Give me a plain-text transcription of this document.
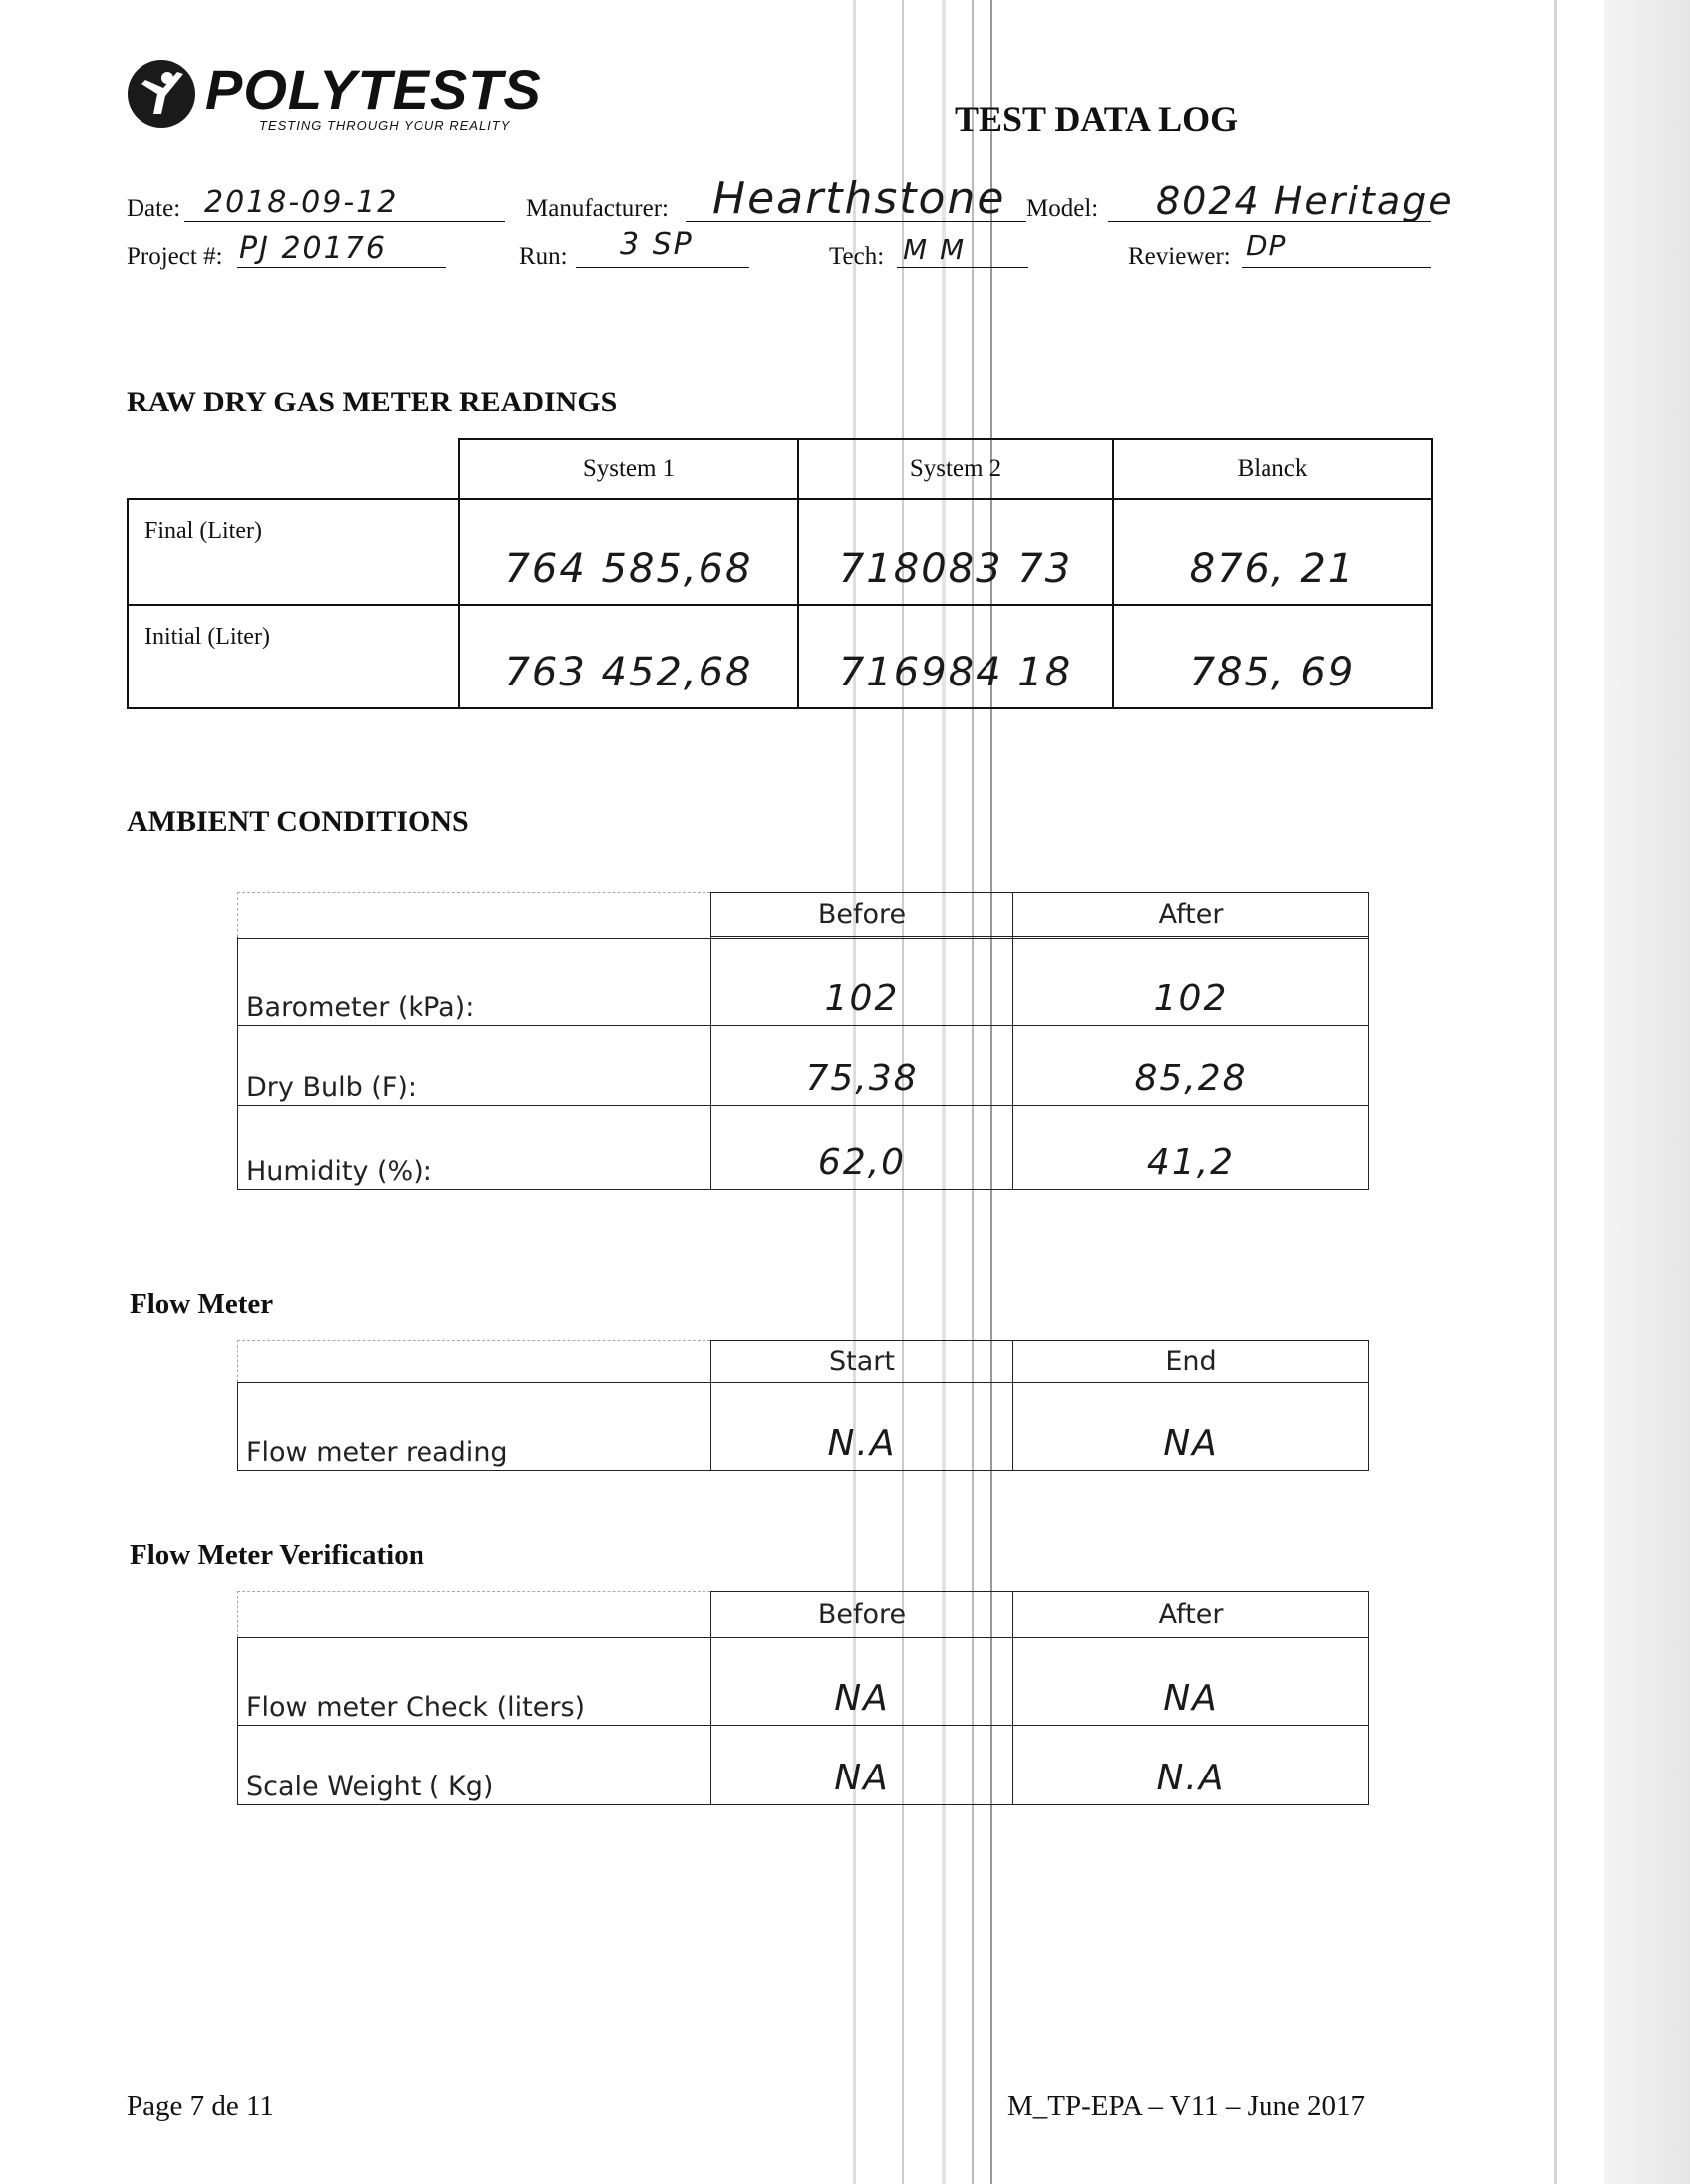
POLYTESTS
TESTING THROUGH YOUR REALITY	TEST DATA LOG
Date: 2018-09-12	Manufacturer: Hearthstone Model: 8024 Heritage
Project #: PJ 20176	Run: 3 SP	Tech: M M	Reviewer: DP
RAW DRY GAS METER READINGS
	System 1	System 2	Blanck
Final (Liter)	764 585,68	718083 73	876, 21

Initial (Liter)	763 452,68	716984 18	785, 69
AMBIENT CONDITIONS
	Before	After

Barometer (kPa):	102	102

Dry Bulb (F):	75,38	85,28

Humidity (%):	62,0	41,2
Flow Meter
	Start	End
Flow meter reading	N.A	NA
Flow Meter Verification
	Before	After
Flow meter Check (liters)	NA	NA

Scale Weight ( Kg)	NA	N.A
Page 7 de 11	M_TP-EPA – V11 – June 2017
